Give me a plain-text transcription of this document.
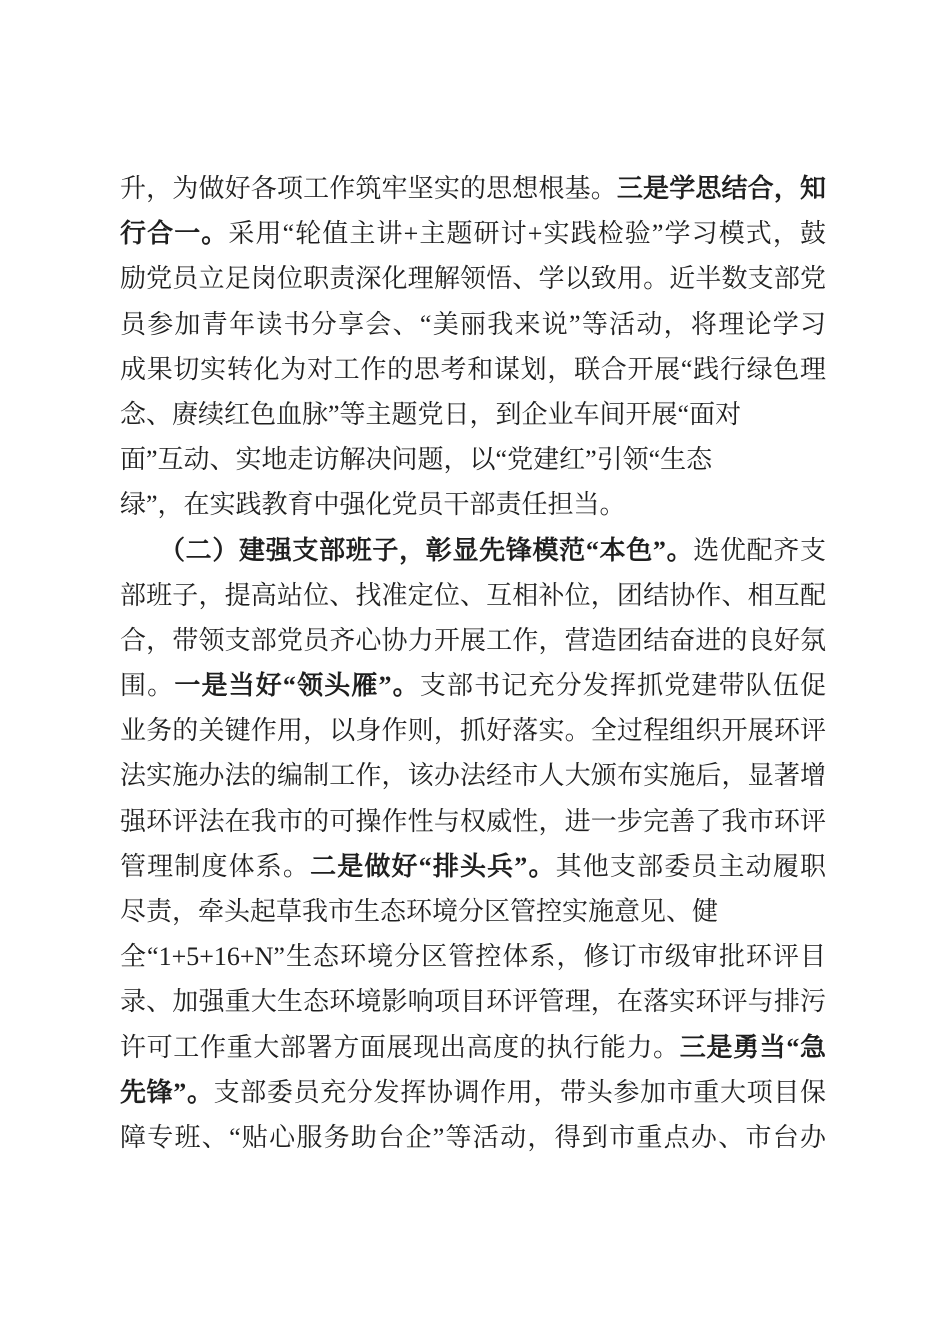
升，为做好各项工作筑牢坚实的思想根基。三是学思结合，知
行合一。采用“轮值主讲+主题研讨+实践检验”学习模式，鼓
励党员立足岗位职责深化理解领悟、学以致用。近半数支部党
员参加青年读书分享会、“美丽我来说”等活动，将理论学习
成果切实转化为对工作的思考和谋划，联合开展“践行绿色理
念、赓续红色血脉”等主题党日，到企业车间开展“面对
面”互动、实地走访解决问题，以“党建红”引领“生态
绿”，在实践教育中强化党员干部责任担当。
（二）建强支部班子，彰显先锋模范“本色”。选优配齐支
部班子，提高站位、找准定位、互相补位，团结协作、相互配
合，带领支部党员齐心协力开展工作，营造团结奋进的良好氛
围。一是当好“领头雁”。支部书记充分发挥抓党建带队伍促
业务的关键作用，以身作则，抓好落实。全过程组织开展环评
法实施办法的编制工作，该办法经市人大颁布实施后，显著增
强环评法在我市的可操作性与权威性，进一步完善了我市环评
管理制度体系。二是做好“排头兵”。其他支部委员主动履职
尽责，牵头起草我市生态环境分区管控实施意见、健
全“1+5+16+N”生态环境分区管控体系，修订市级审批环评目
录、加强重大生态环境影响项目环评管理，在落实环评与排污
许可工作重大部署方面展现出高度的执行能力。三是勇当“急
先锋”。支部委员充分发挥协调作用，带头参加市重大项目保
障专班、“贴心服务助台企”等活动，得到市重点办、市台办
